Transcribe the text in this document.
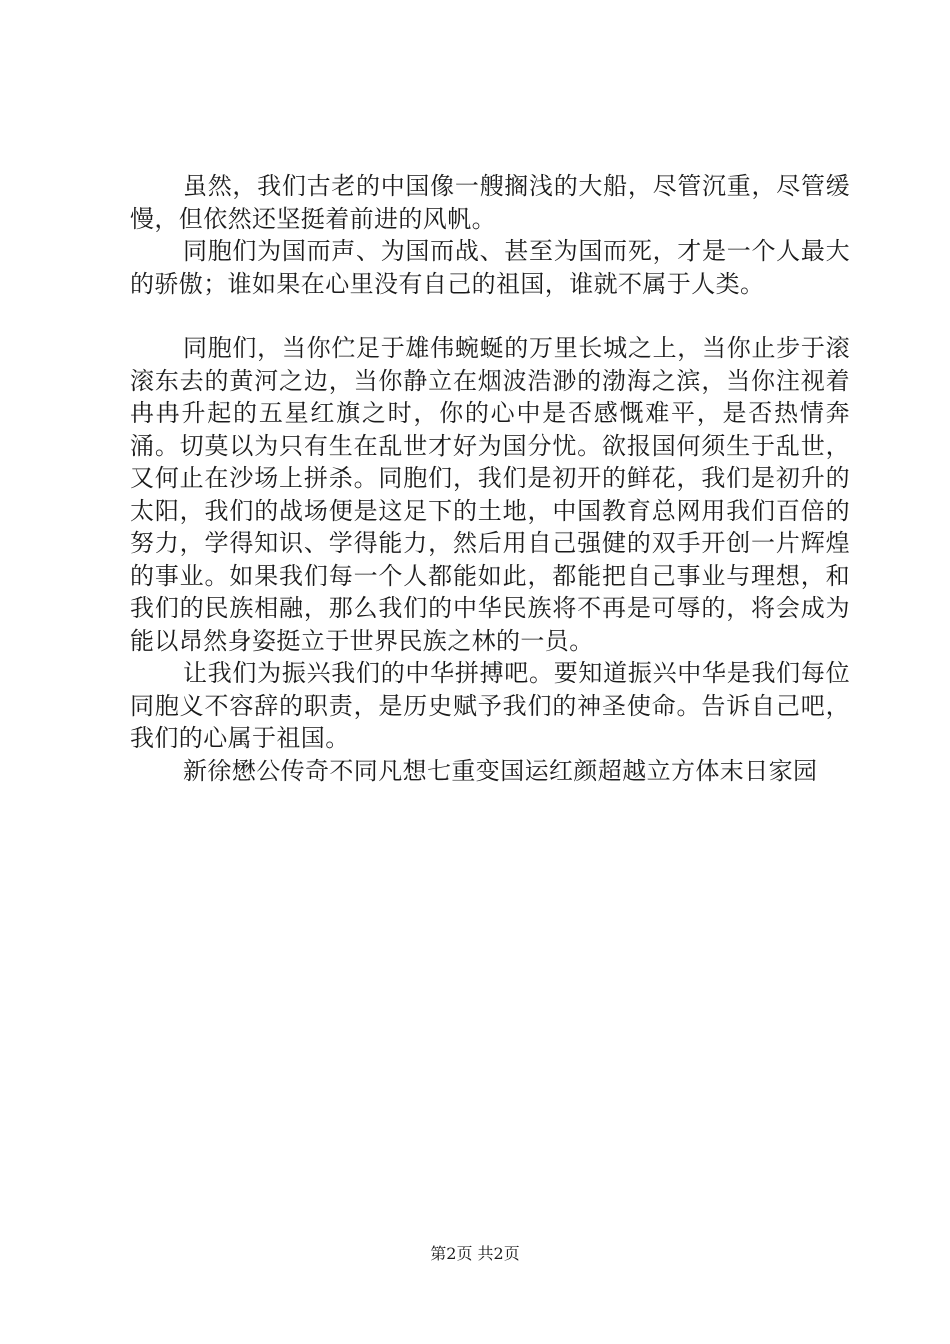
虽然，我们古老的中国像一艘搁浅的大船，尽管沉重，尽管缓慢，但依然还坚挺着前进的风帆。

同胞们为国而声、为国而战、甚至为国而死，才是一个人最大的骄傲；谁如果在心里没有自己的祖国，谁就不属于人类。

同胞们，当你伫足于雄伟蜿蜒的万里长城之上，当你止步于滚滚东去的黄河之边，当你静立在烟波浩渺的渤海之滨，当你注视着冉冉升起的五星红旗之时，你的心中是否感慨难平，是否热情奔涌。切莫以为只有生在乱世才好为国分忧。欲报国何须生于乱世，又何止在沙场上拼杀。同胞们，我们是初开的鲜花，我们是初升的太阳，我们的战场便是这足下的土地，中国教育总网用我们百倍的努力，学得知识、学得能力，然后用自己强健的双手开创一片辉煌的事业。如果我们每一个人都能如此，都能把自己事业与理想，和我们的民族相融，那么我们的中华民族将不再是可辱的，将会成为能以昂然身姿挺立于世界民族之林的一员。

让我们为振兴我们的中华拼搏吧。要知道振兴中华是我们每位同胞义不容辞的职责，是历史赋予我们的神圣使命。告诉自己吧，我们的心属于祖国。

新徐懋公传奇不同凡想七重变国运红颜超越立方体末日家园

第2页 共2页
